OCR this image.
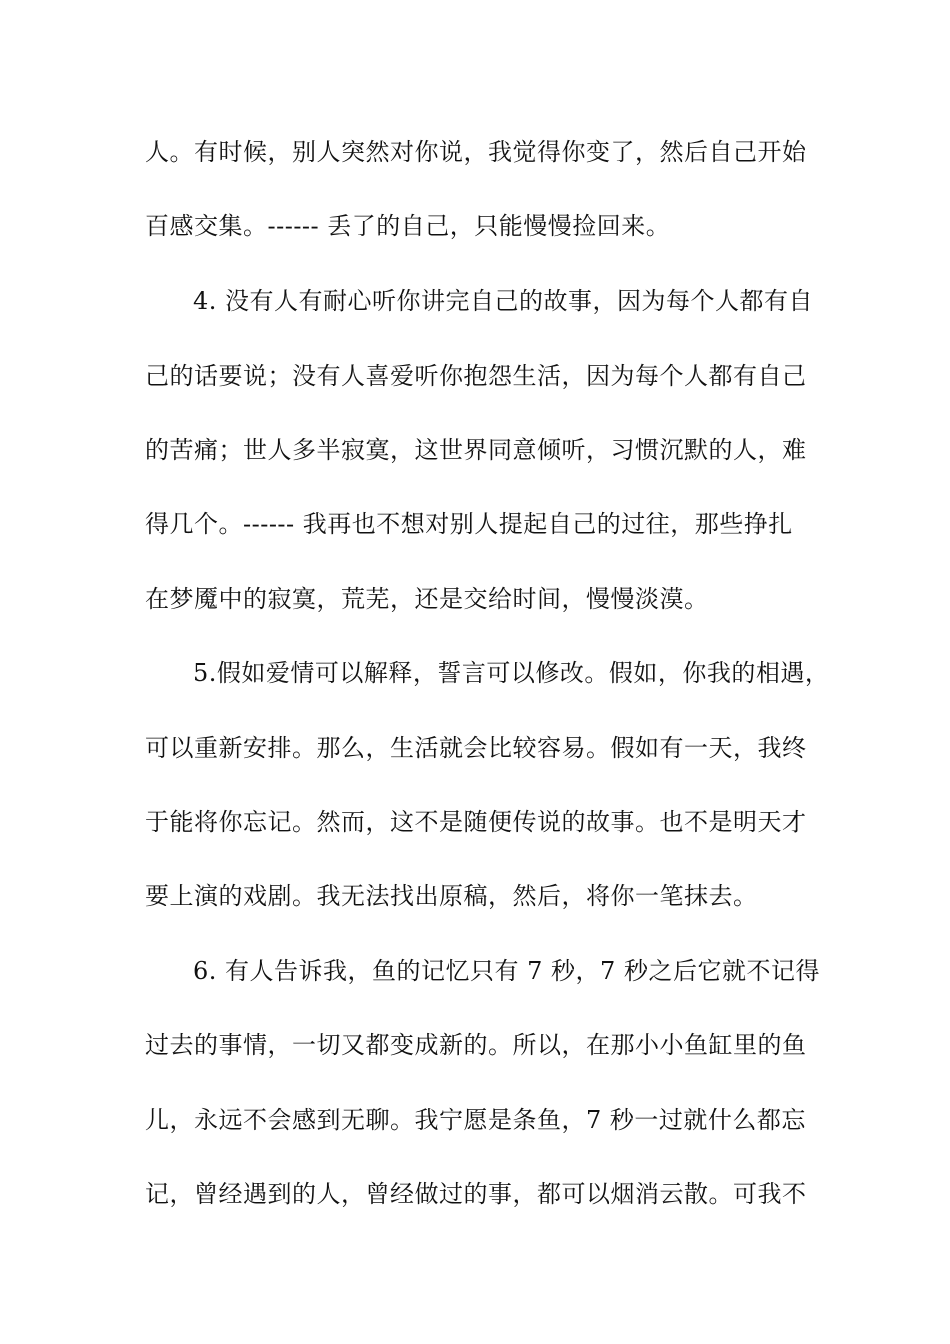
人。有时候，别人突然对你说，我觉得你变了，然后自己开始
百感交集。------ 丢了的自己，只能慢慢捡回来。
4. 没有人有耐心听你讲完自己的故事，因为每个人都有自
己的话要说；没有人喜爱听你抱怨生活，因为每个人都有自己
的苦痛；世人多半寂寞，这世界同意倾听，习惯沉默的人，难
得几个。------ 我再也不想对别人提起自己的过往，那些挣扎
在梦魇中的寂寞，荒芜，还是交给时间，慢慢淡漠。
5.假如爱情可以解释，誓言可以修改。假如，你我的相遇，
可以重新安排。那么，生活就会比较容易。假如有一天，我终
于能将你忘记。然而，这不是随便传说的故事。也不是明天才
要上演的戏剧。我无法找出原稿，然后，将你一笔抹去。
6. 有人告诉我，鱼的记忆只有 7 秒，7 秒之后它就不记得
过去的事情，一切又都变成新的。所以，在那小小鱼缸里的鱼
儿，永远不会感到无聊。我宁愿是条鱼，7 秒一过就什么都忘
记，曾经遇到的人，曾经做过的事，都可以烟消云散。可我不
